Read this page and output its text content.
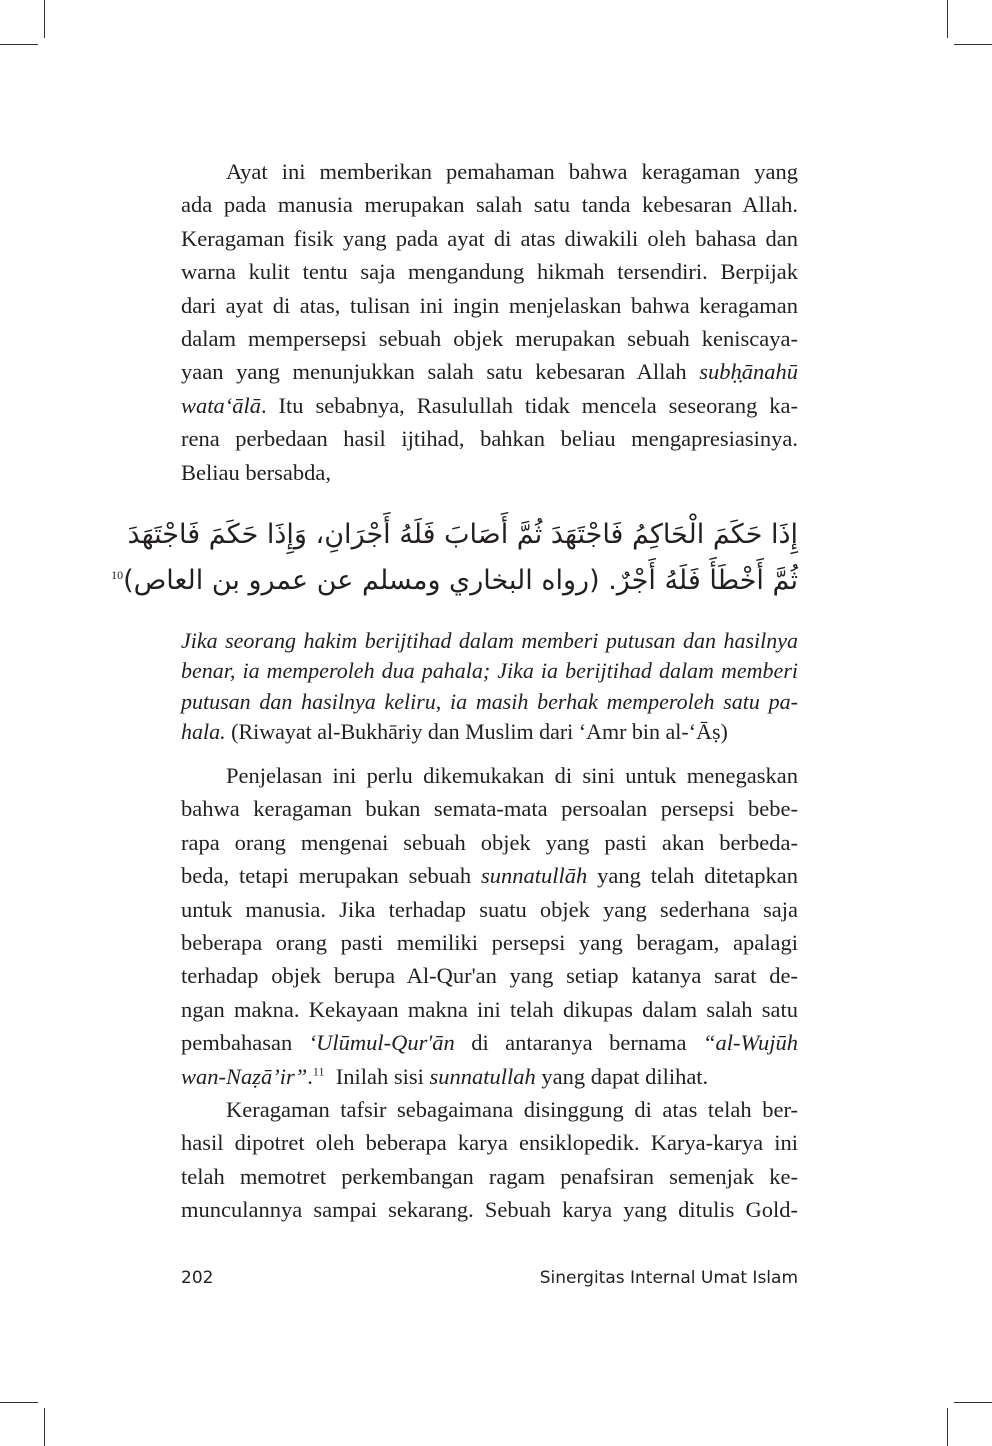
Ayat ini memberikan pemahaman bahwa keragaman yang
ada pada manusia merupakan salah satu tanda kebesaran Allah.
Keragaman fisik yang pada ayat di atas diwakili oleh bahasa dan
warna kulit tentu saja mengandung hikmah tersendiri. Berpijak
dari ayat di atas, tulisan ini ingin menjelaskan bahwa keragaman
dalam mempersepsi sebuah objek merupakan sebuah keniscaya-
yaan yang menunjukkan salah satu kebesaran Allah subḥ̣ānahū
wata‘ālā. Itu sebabnya, Rasulullah tidak mencela seseorang ka-
rena perbedaan hasil ijtihad, bahkan beliau mengapresiasinya.
Beliau bersabda,
إِذَا حَكَمَ الْحَاكِمُ فَاجْتَهَدَ ثُمَّ أَصَابَ فَلَهُ أَجْرَانِ، وَإِذَا حَكَمَ فَاجْتَهَدَ
ثُمَّ أَخْطَأَ فَلَهُ أَجْرٌ. (رواه البخاري ومسلم عن عمرو بن العاص)$^{10}$
Jika seorang hakim berijtihad dalam memberi putusan dan hasilnya
benar, ia memperoleh dua pahala; Jika ia berijtihad dalam memberi
putusan dan hasilnya keliru, ia masih berhak memperoleh satu pa-
hala. (Riwayat al-Bukhāriy dan Muslim dari ‘Amr bin al-‘Āṣ)
Penjelasan ini perlu dikemukakan di sini untuk menegaskan
bahwa keragaman bukan semata-mata persoalan persepsi bebe-
rapa orang mengenai sebuah objek yang pasti akan berbeda-
beda, tetapi merupakan sebuah sunnatullāh yang telah ditetapkan
untuk manusia. Jika terhadap suatu objek yang sederhana saja
beberapa orang pasti memiliki persepsi yang beragam, apalagi
terhadap objek berupa Al-Qur'an yang setiap katanya sarat de-
ngan makna. Kekayaan makna ini telah dikupas dalam salah satu
pembahasan ‘Ulūmul-Qur'ān di antaranya bernama “al-Wujūh
wan-Naẓā’ir”.$^{11}$ Inilah sisi sunnatullah yang dapat dilihat.
Keragaman tafsir sebagaimana disinggung di atas telah ber-
hasil dipotret oleh beberapa karya ensiklopedik. Karya-karya ini
telah memotret perkembangan ragam penafsiran semenjak ke-
munculannya sampai sekarang. Sebuah karya yang ditulis Gold-
202	Sinergitas Internal Umat Islam
